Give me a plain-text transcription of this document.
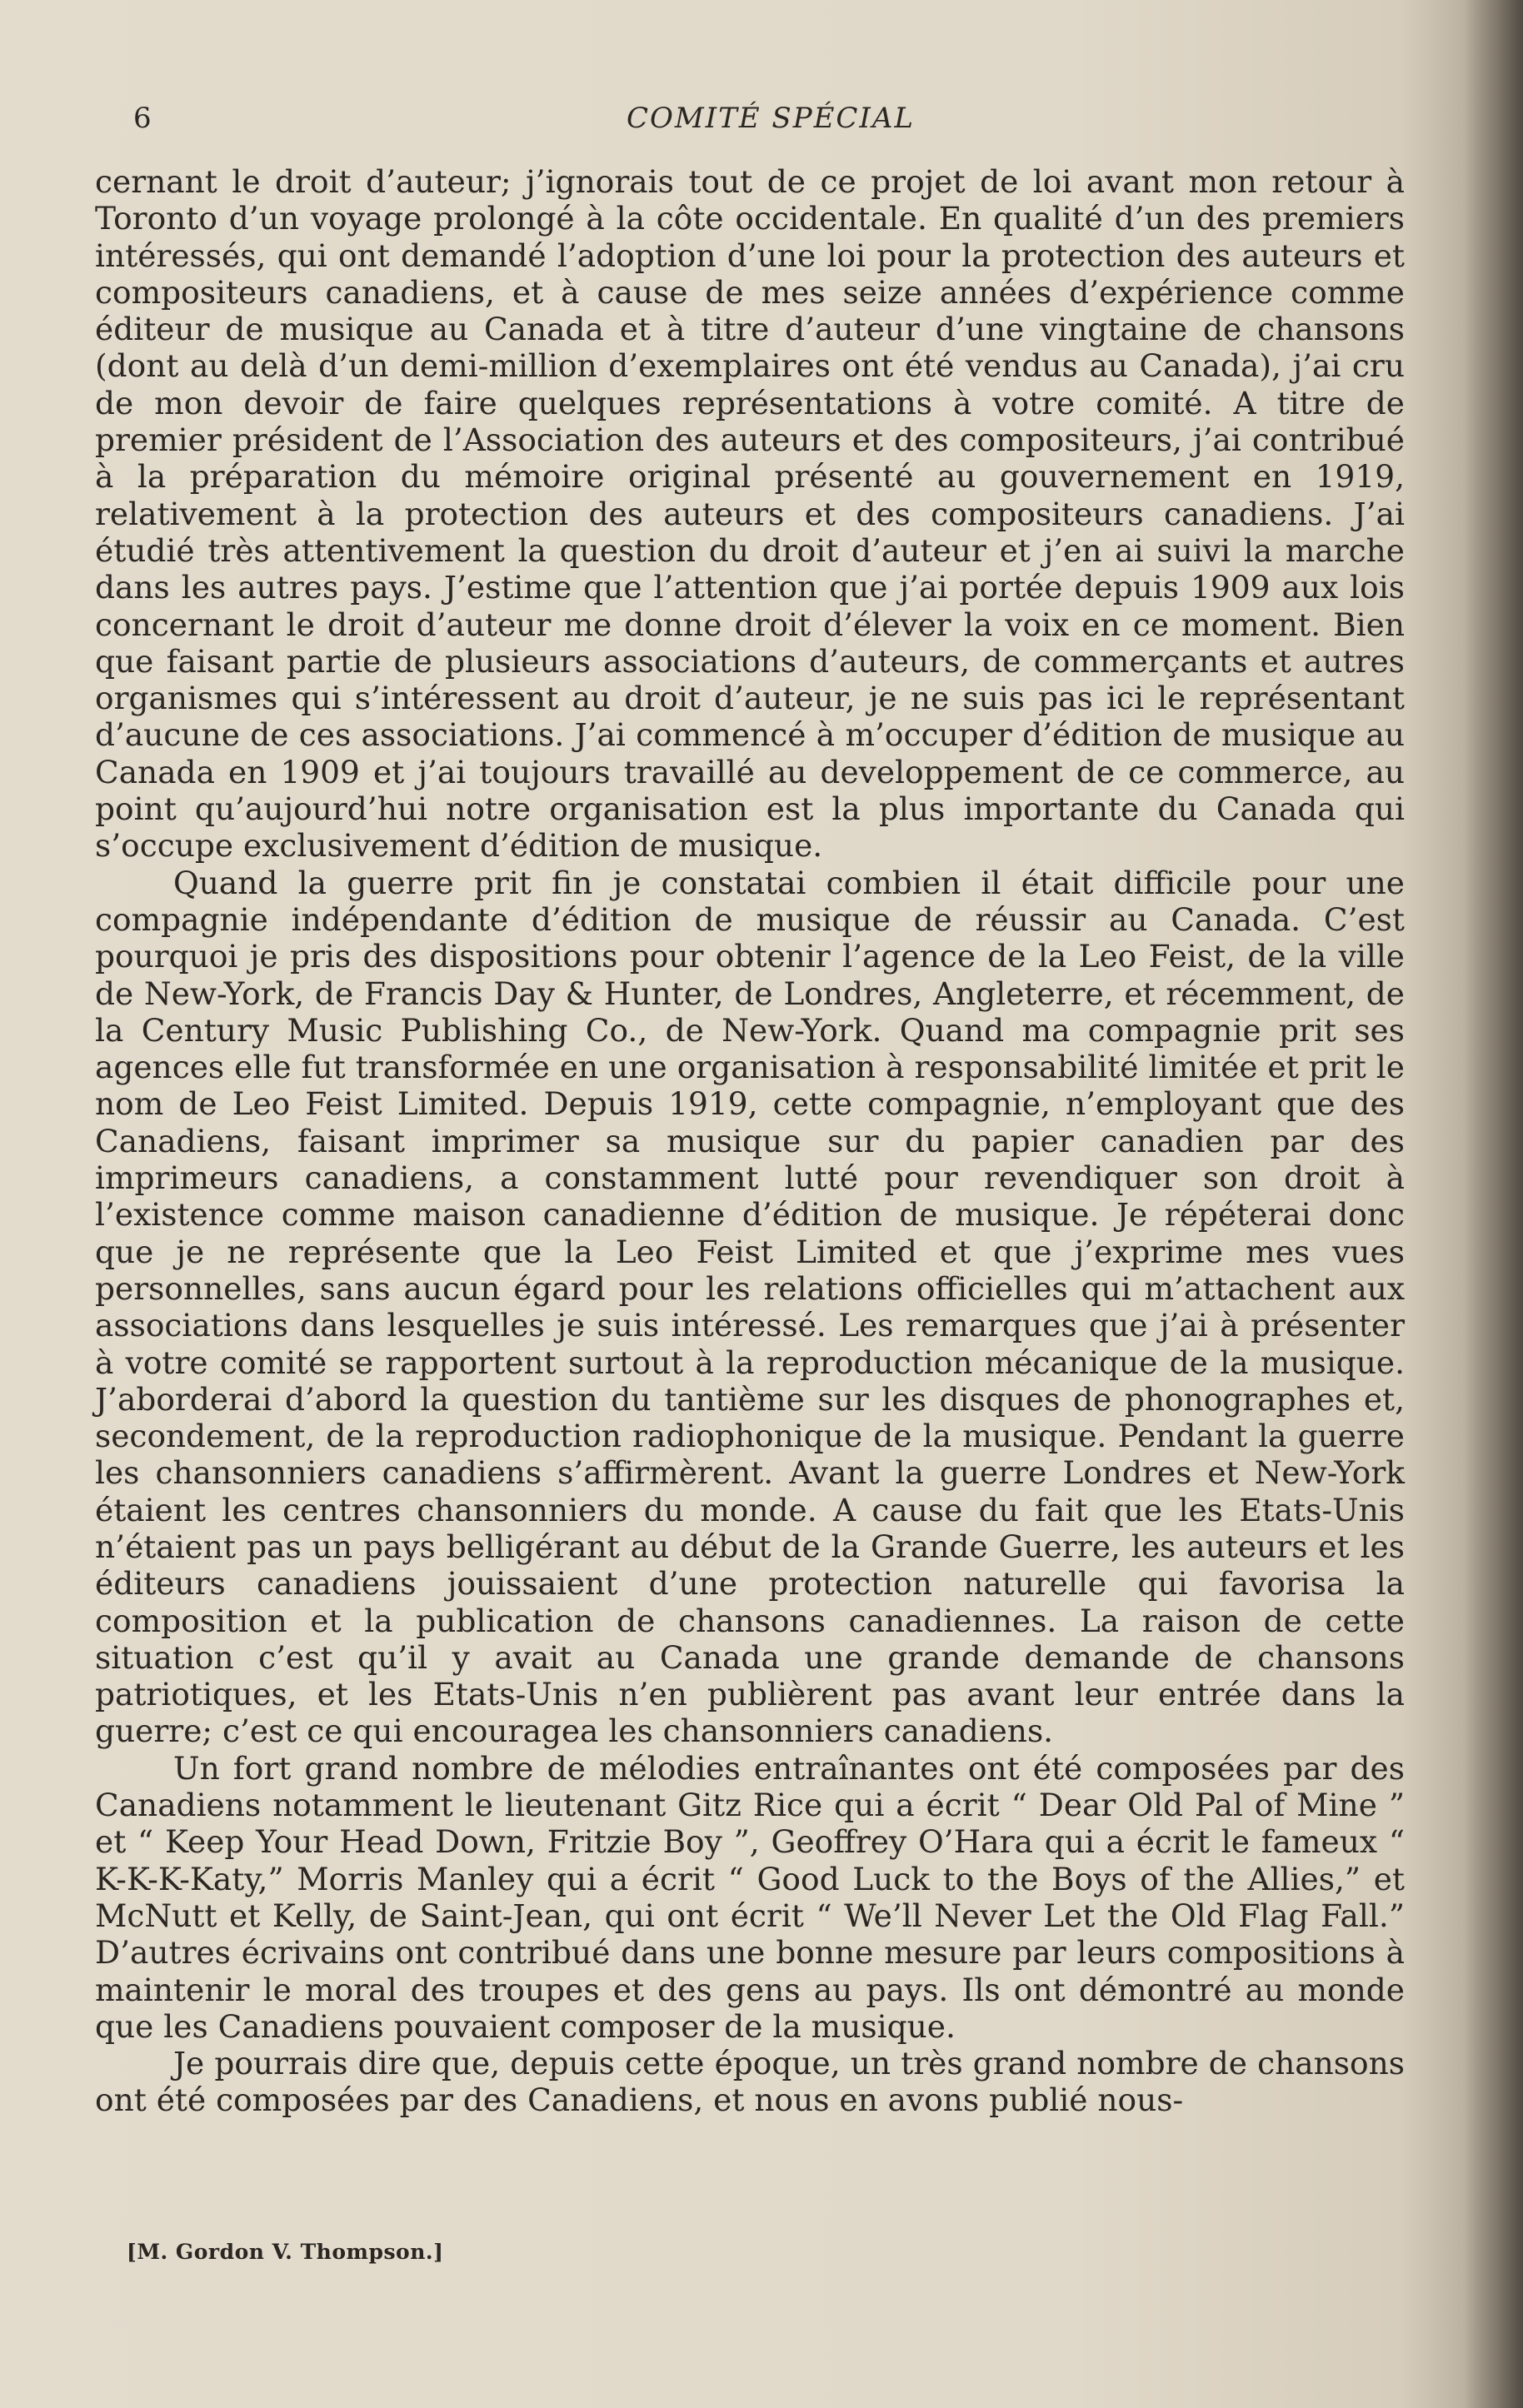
6	COMITÉ SPÉCIAL

cernant le droit d’auteur; j’ignorais tout de ce projet de loi avant mon retour à Toronto d’un voyage prolongé à la côte occidentale. En qualité d’un des premiers intéressés, qui ont demandé l’adoption d’une loi pour la protection des auteurs et compositeurs canadiens, et à cause de mes seize années d’expérience comme éditeur de musique au Canada et à titre d’auteur d’une vingtaine de chansons (dont au delà d’un demi-million d’exemplaires ont été vendus au Canada), j’ai cru de mon devoir de faire quelques représentations à votre comité. A titre de premier président de l’Association des auteurs et des compositeurs, j’ai contribué à la préparation du mémoire original présenté au gouvernement en 1919, relativement à la protection des auteurs et des compositeurs canadiens. J’ai étudié très attentivement la question du droit d’auteur et j’en ai suivi la marche dans les autres pays. J’estime que l’attention que j’ai portée depuis 1909 aux lois concernant le droit d’auteur me donne droit d’élever la voix en ce moment. Bien que faisant partie de plusieurs associations d’auteurs, de commerçants et autres organismes qui s’intéressent au droit d’auteur, je ne suis pas ici le représentant d’aucune de ces associations. J’ai commencé à m’occuper d’édition de musique au Canada en 1909 et j’ai toujours travaillé au developpement de ce commerce, au point qu’aujourd’hui notre organisation est la plus importante du Canada qui s’occupe exclusivement d’édition de musique.

Quand la guerre prit fin je constatai combien il était difficile pour une compagnie indépendante d’édition de musique de réussir au Canada. C’est pourquoi je pris des dispositions pour obtenir l’agence de la Leo Feist, de la ville de New-York, de Francis Day & Hunter, de Londres, Angleterre, et récemment, de la Century Music Publishing Co., de New-York. Quand ma compagnie prit ses agences elle fut transformée en une organisation à responsabilité limitée et prit le nom de Leo Feist Limited. Depuis 1919, cette compagnie, n’employant que des Canadiens, faisant imprimer sa musique sur du papier canadien par des imprimeurs canadiens, a constamment lutté pour revendiquer son droit à l’existence comme maison canadienne d’édition de musique. Je répéterai donc que je ne représente que la Leo Feist Limited et que j’exprime mes vues personnelles, sans aucun égard pour les relations officielles qui m’attachent aux associations dans lesquelles je suis intéressé. Les remarques que j’ai à présenter à votre comité se rapportent surtout à la reproduction mécanique de la musique. J’aborderai d’abord la question du tantième sur les disques de phonographes et, secondement, de la reproduction radiophonique de la musique. Pendant la guerre les chansonniers canadiens s’affirmèrent. Avant la guerre Londres et New-York étaient les centres chansonniers du monde. A cause du fait que les Etats-Unis n’étaient pas un pays belligérant au début de la Grande Guerre, les auteurs et les éditeurs canadiens jouissaient d’une protection naturelle qui favorisa la composition et la publication de chansons canadiennes. La raison de cette situation c’est qu’il y avait au Canada une grande demande de chansons patriotiques, et les Etats-Unis n’en publièrent pas avant leur entrée dans la guerre; c’est ce qui encouragea les chansonniers canadiens.

Un fort grand nombre de mélodies entraînantes ont été composées par des Canadiens notamment le lieutenant Gitz Rice qui a écrit “ Dear Old Pal of Mine ” et “ Keep Your Head Down, Fritzie Boy ”, Geoffrey O’Hara qui a écrit le fameux “ K-K-K-Katy,” Morris Manley qui a écrit “ Good Luck to the Boys of the Allies,” et McNutt et Kelly, de Saint-Jean, qui ont écrit “ We’ll Never Let the Old Flag Fall.” D’autres écrivains ont contribué dans une bonne mesure par leurs compositions à maintenir le moral des troupes et des gens au pays. Ils ont démontré au monde que les Canadiens pouvaient composer de la musique.

Je pourrais dire que, depuis cette époque, un très grand nombre de chansons ont été composées par des Canadiens, et nous en avons publié nous-

[M. Gordon V. Thompson.]
